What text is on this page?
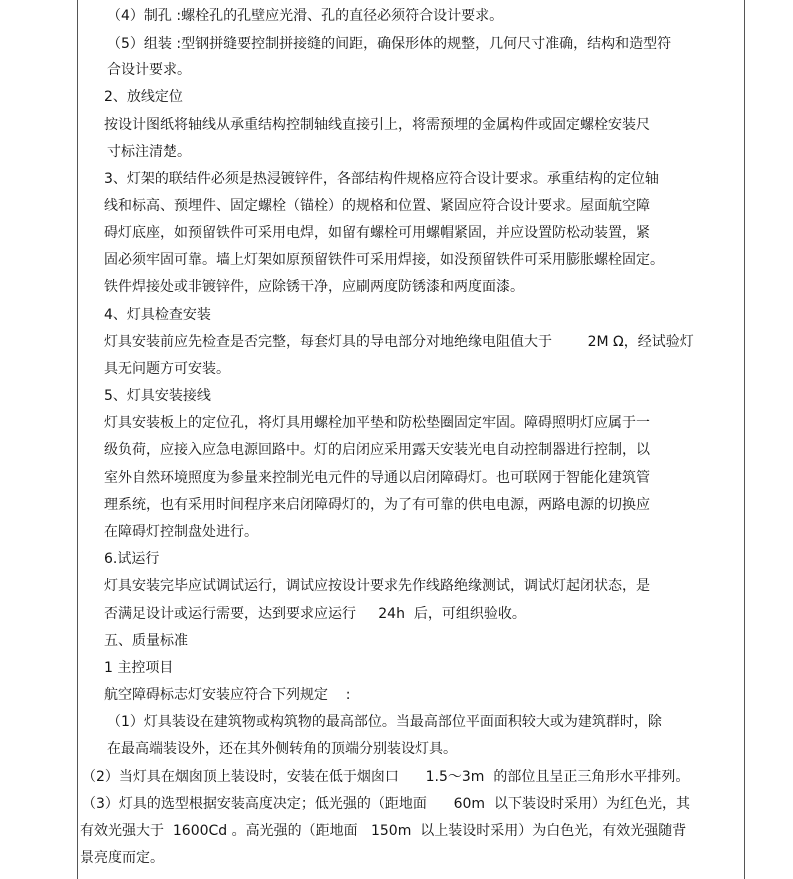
（4）制孔 :螺栓孔的孔壁应光滑、孔的直径必须符合设计要求。
（5）组装 :型钢拼缝要控制拼接缝的间距，确保形体的规整，几何尺寸准确，结构和造型符
合设计要求。
2、放线定位
按设计图纸将轴线从承重结构控制轴线直接引上，将需预埋的金属构件或固定螺栓安装尺
寸标注清楚。
3、灯架的联结件必须是热浸镀锌件，各部结构件规格应符合设计要求。承重结构的定位轴
线和标高、预埋件、固定螺栓（锚栓）的规格和位置、紧固应符合设计要求。屋面航空障
碍灯底座，如预留铁件可采用电焊，如留有螺栓可用螺帽紧固，并应设置防松动装置，紧
固必须牢固可靠。墙上灯架如原预留铁件可采用焊接，如没预留铁件可采用膨胀螺栓固定。
铁件焊接处或非镀锌件，应除锈干净，应刷两度防锈漆和两度面漆。
4、灯具检查安装
灯具安装前应先检查是否完整，每套灯具的导电部分对地绝缘电阻值大于        2M Ω，经试验灯
具无问题方可安装。
5、灯具安装接线
灯具安装板上的定位孔，将灯具用螺栓加平垫和防松垫圈固定牢固。障碍照明灯应属于一
级负荷，应接入应急电源回路中。灯的启闭应采用露天安装光电自动控制器进行控制，以
室外自然环境照度为参量来控制光电元件的导通以启闭障碍灯。也可联网于智能化建筑管
理系统，也有采用时间程序来启闭障碍灯的，为了有可靠的供电电源，两路电源的切换应
在障碍灯控制盘处进行。
6.试运行
灯具安装完毕应试调试运行，调试应按设计要求先作线路绝缘测试，调试灯起闭状态，是
否满足设计或运行需要，达到要求应运行     24h  后，可组织验收。
五、质量标准
1 主控项目
航空障碍标志灯安装应符合下列规定    :
（1）灯具装设在建筑物或构筑物的最高部位。当最高部位平面面积较大或为建筑群时，除
在最高端装设外，还在其外侧转角的顶端分别装设灯具。
（2）当灯具在烟囱顶上装设时，安装在低于烟囱口      1.5～3m  的部位且呈正三角形水平排列。
（3）灯具的选型根据安装高度决定；低光强的（距地面      60m  以下装设时采用）为红色光，其
有效光强大于  1600Cd 。高光强的（距地面   150m  以上装设时采用）为白色光，有效光强随背
景亮度而定。
